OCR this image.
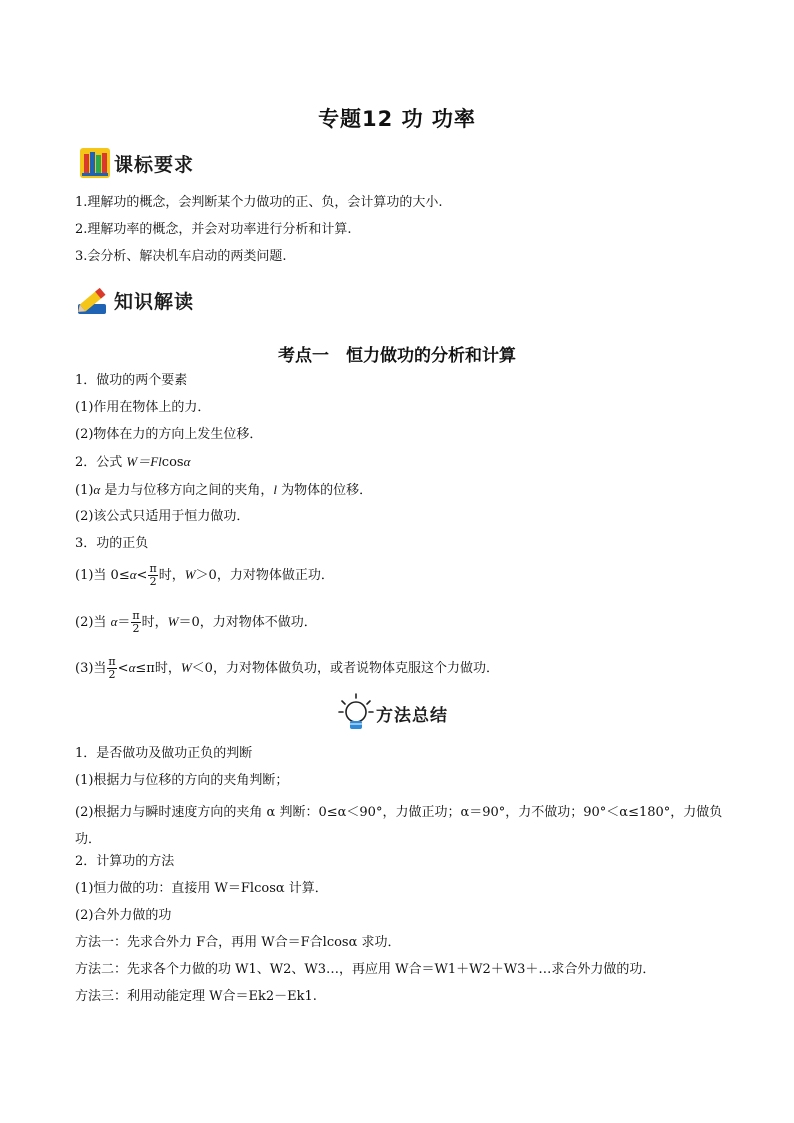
专题12 功 功率
课标要求
1.理解功的概念，会判断某个力做功的正、负，会计算功的大小.
2.理解功率的概念，并会对功率进行分析和计算.
3.会分析、解决机车启动的两类问题.
知识解读
考点一　恒力做功的分析和计算
1．做功的两个要素
(1)作用在物体上的力．
(2)物体在力的方向上发生位移．
2．公式 W＝Flcosα
(1)α 是力与位移方向之间的夹角，l 为物体的位移．
(2)该公式只适用于恒力做功．
3．功的正负
(1)当 $0\le\alpha< \frac{\pi}{2}$ 时，W＞0，力对物体做正功．
(2)当 $\alpha= \frac{\pi}{2}$ 时，W＝0，力对物体不做功．
(3)当 $\frac{\pi}{2} <\alpha\le\pi$时，W＜0，力对物体做负功，或者说物体克服这个力做功．
方法总结
1．是否做功及做功正负的判断
(1)根据力与位移的方向的夹角判断；
(2)根据力与瞬时速度方向的夹角 α 判断：0≤α＜90°，力做正功；α＝90°，力不做功；90°＜α≤180°，力做负功．
2．计算功的方法
(1)恒力做的功：直接用 W＝Flcosα 计算．
(2)合外力做的功
方法一：先求合外力 F合，再用 W合＝F合lcosα 求功．
方法二：先求各个力做的功 W1、W2、W3…，再应用 W合＝W1＋W2＋W3＋…求合外力做的功．
方法三：利用动能定理 W合＝Ek2－Ek1.
